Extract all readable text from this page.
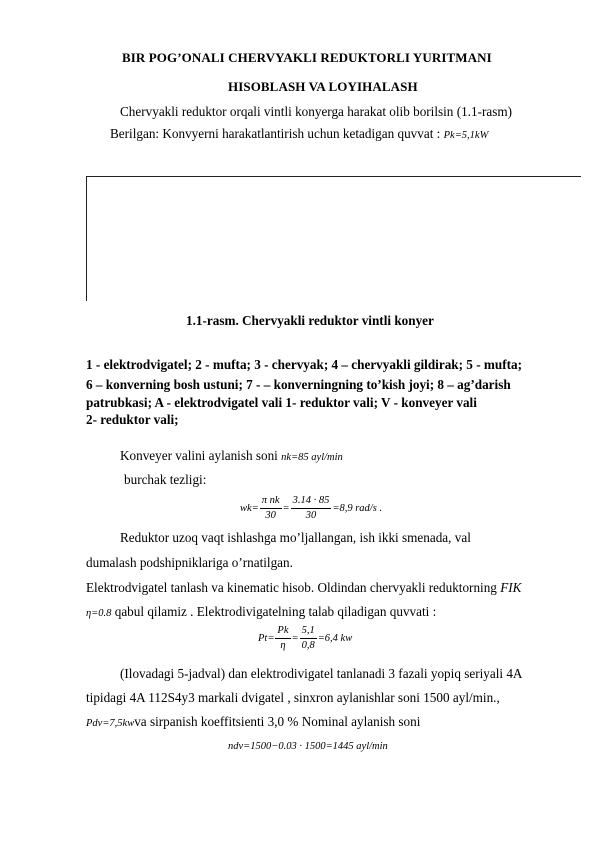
BIR POG’ONALI CHERVYAKLI REDUKTORLI YURITMANI
HISOBLASH VA LOYIHALASH
Chervyakli reduktor orqali vintli konyerga harakat olib borilsin (1.1-rasm)
Berilgan: Konvyerni harakatlantirish uchun ketadigan quvvat : Pk=5,1kW
1.1-rasm. Chervyakli reduktor vintli konyer
1 - elektrodvigatel; 2 - mufta; 3 - chervyak; 4 – chervyakli gildirak; 5 - mufta;
6 – konverning bosh ustuni; 7 - – konverningning to’kish joyi; 8 – ag’darish
patrubkasi; A - elektrodvigatel vali 1- reduktor vali; V - konveyer vali
2- reduktor vali;
Konveyer valini aylanish soni nk=85 ayl/min
burchak tezligi:
$wk= \frac{\text{π nk}}{30} = \frac{3.14 \cdot 85}{30} =8,9$ rad/s .
Reduktor uzoq vaqt ishlashga mo’ljallangan, ish ikki smenada, val
dumalash podshipniklariga o’rnatilgan.
Elektrodvigatel tanlash va kinematic hisob. Oldindan chervyakli reduktorning FIK
η=0.8 qabul qilamiz . Elektrodivigatelning talab qiladigan quvvati :
$Pt= \frac{Pk}{\eta} = \frac{5,1}{0,8} =6,4$ kw
(Ilovadagi 5-jadval) dan elektrodivigatel tanlanadi 3 fazali yopiq seriyali 4A
tipidagi 4A 112S4y3 markali dvigatel , sinxron aylanishlar soni 1500 ayl/min.,
Pdv=7,5kwva sirpanish koeffitsienti 3,0 % Nominal aylanish soni
ndv=1500−0.03 · 1500=1445 ayl/min
